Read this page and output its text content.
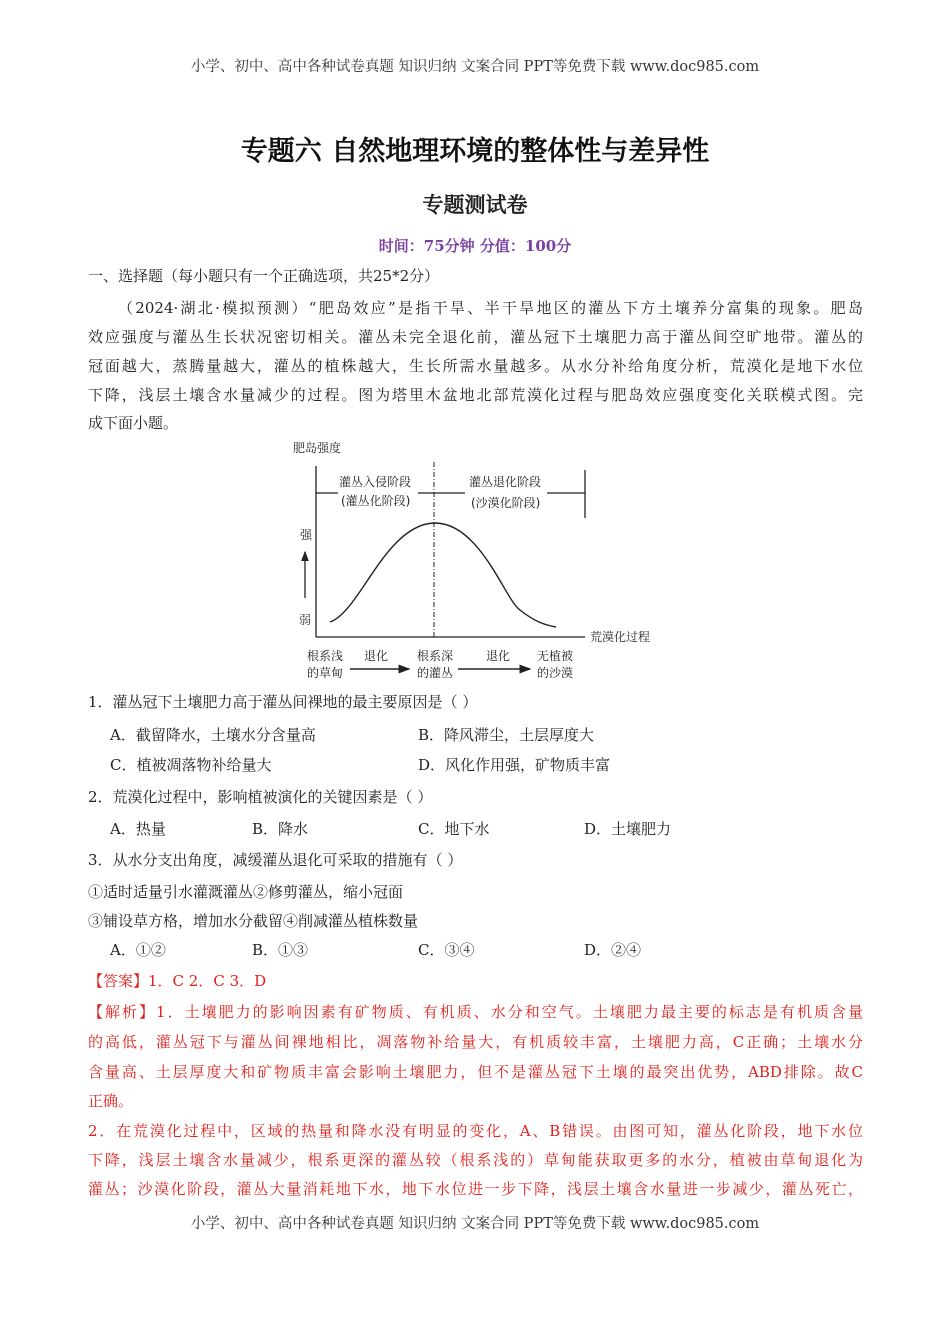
小学、初中、高中各种试卷真题 知识归纳 文案合同 PPT等免费下载 www.doc985.com
专题六 自然地理环境的整体性与差异性
专题测试卷
时间：75分钟 分值：100分
一、选择题（每小题只有一个正确选项，共25*2分）
（2024·湖北·模拟预测）“肥岛效应”是指干旱、半干旱地区的灌丛下方土壤养分富集的现象。肥岛
效应强度与灌丛生长状况密切相关。灌丛未完全退化前，灌丛冠下土壤肥力高于灌丛间空旷地带。灌丛的
冠面越大，蒸腾量越大，灌丛的植株越大，生长所需水量越多。从水分补给角度分析，荒漠化是地下水位
下降，浅层土壤含水量减少的过程。图为塔里木盆地北部荒漠化过程与肥岛效应强度变化关联模式图。完
成下面小题。
肥岛强度
荒漠化过程
灌丛入侵阶段
(灌丛化阶段)
灌丛退化阶段
(沙漠化阶段)
强
弱
根系浅
的草甸
退化 根系深
的灌丛
退化 无植被
的沙漠
1．灌丛冠下土壤肥力高于灌丛间裸地的最主要原因是（ ）
A．截留降水，土壤水分含量高	B．降风滞尘，土层厚度大
C．植被凋落物补给量大	D．风化作用强，矿物质丰富
2．荒漠化过程中，影响植被演化的关键因素是（ ）
A．热量	B．降水	C．地下水	D．土壤肥力
3．从水分支出角度，减缓灌丛退化可采取的措施有（ ）
①适时适量引水灌溉灌丛②修剪灌丛，缩小冠面
③铺设草方格，增加水分截留④削减灌丛植株数量
A．①②	B．①③	C．③④	D．②④
【答案】1．C 2．C 3．D
【解析】1．土壤肥力的影响因素有矿物质、有机质、水分和空气。土壤肥力最主要的标志是有机质含量
的高低，灌丛冠下与灌丛间裸地相比，凋落物补给量大，有机质较丰富，土壤肥力高，C正确；土壤水分
含量高、土层厚度大和矿物质丰富会影响土壤肥力，但不是灌丛冠下土壤的最突出优势，ABD排除。故C
正确。
2．在荒漠化过程中，区域的热量和降水没有明显的变化，A、B错误。由图可知，灌丛化阶段，地下水位
下降，浅层土壤含水量减少，根系更深的灌丛较（根系浅的）草甸能获取更多的水分，植被由草甸退化为
灌丛；沙漠化阶段，灌丛大量消耗地下水，地下水位进一步下降，浅层土壤含水量进一步减少，灌丛死亡，
小学、初中、高中各种试卷真题 知识归纳 文案合同 PPT等免费下载 www.doc985.com
